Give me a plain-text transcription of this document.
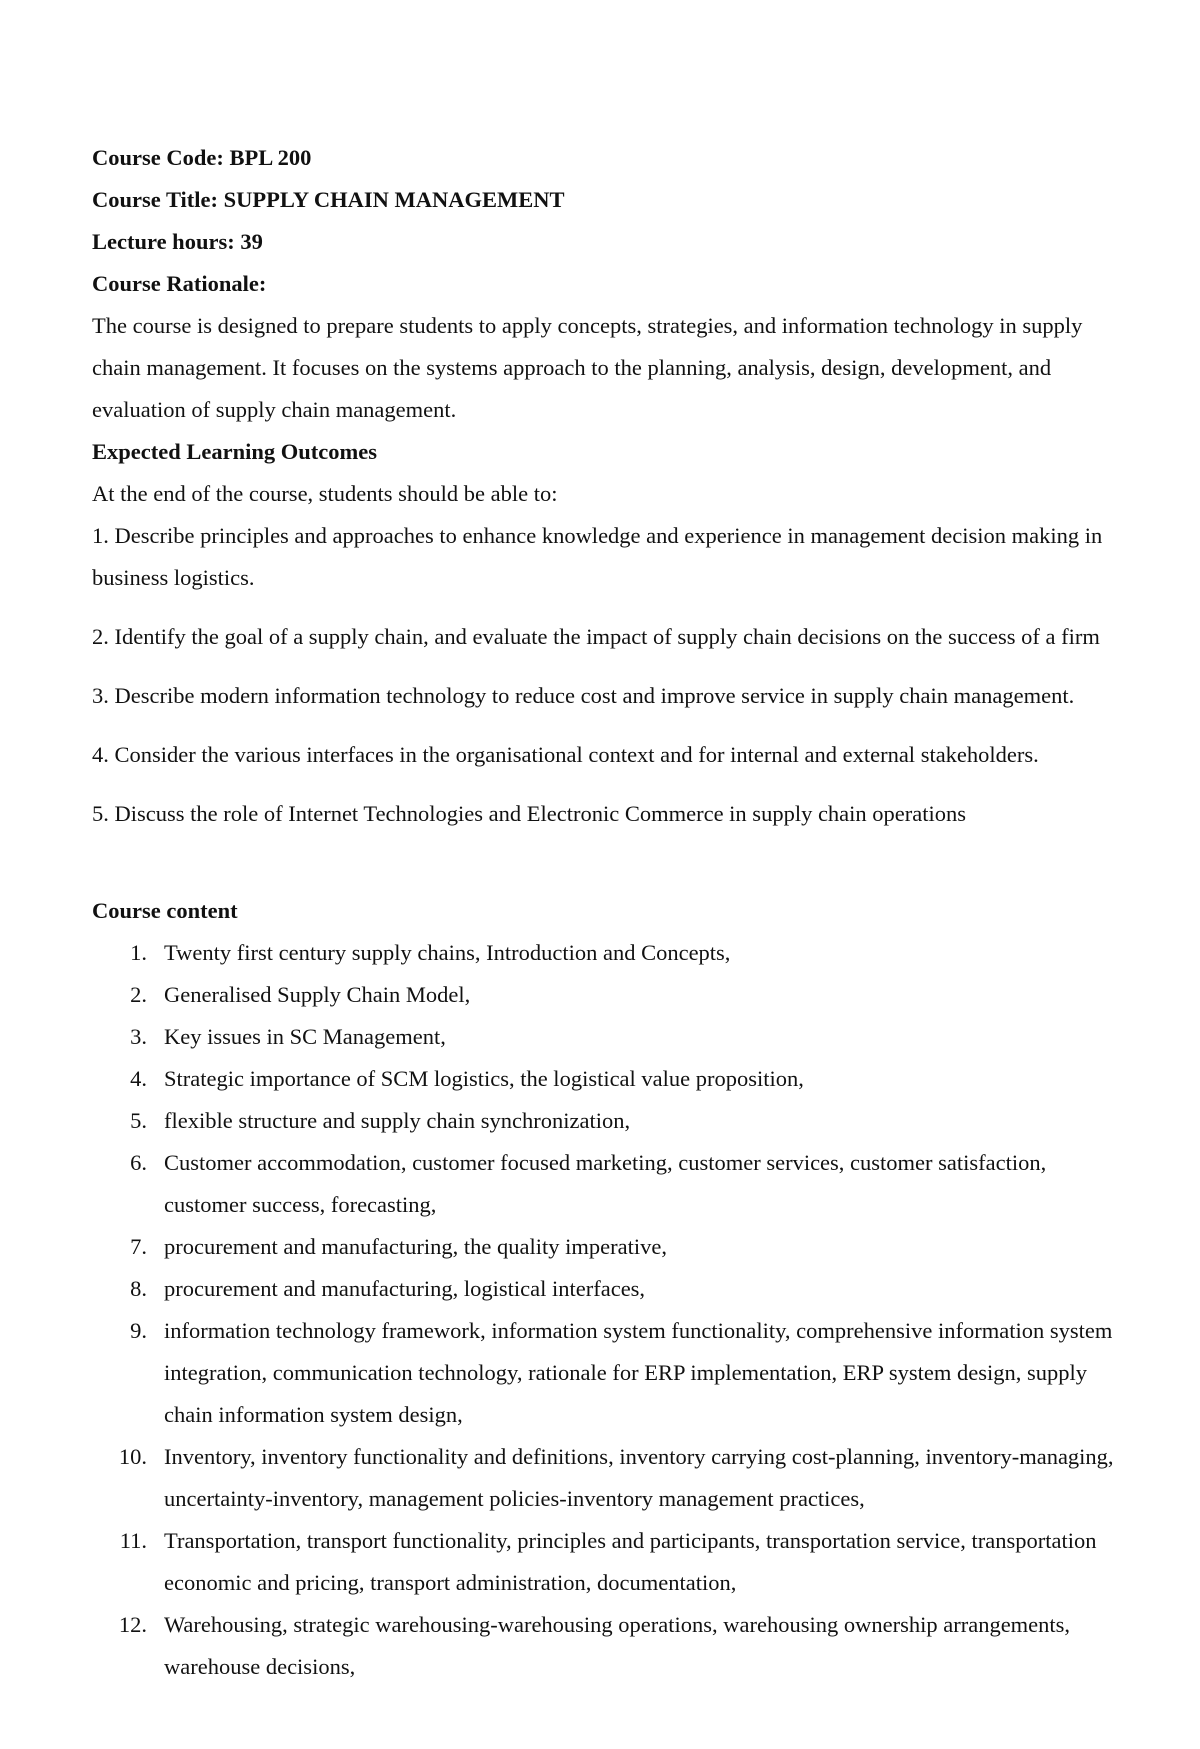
Course Code: BPL 200

Course Title: SUPPLY CHAIN MANAGEMENT

Lecture hours: 39

Course Rationale:

The course is designed to prepare students to apply concepts, strategies, and information technology in supply chain management. It focuses on the systems approach to the planning, analysis, design, development, and evaluation of supply chain management.

Expected Learning Outcomes

At the end of the course, students should be able to:

1. Describe principles and approaches to enhance knowledge and experience in management decision making in business logistics.

2. Identify the goal of a supply chain, and evaluate the impact of supply chain decisions on the success of a firm

3. Describe modern information technology to reduce cost and improve service in supply chain management.

4. Consider the various interfaces in the organisational context and for internal and external stakeholders.

5. Discuss the role of Internet Technologies and Electronic Commerce in supply chain operations

Course content

1. Twenty first century supply chains, Introduction and Concepts,
2. Generalised Supply Chain Model,
3. Key issues in SC Management,
4. Strategic importance of SCM logistics, the logistical value proposition,
5. flexible structure and supply chain synchronization,
6. Customer accommodation, customer focused marketing, customer services, customer satisfaction, customer success, forecasting,
7. procurement and manufacturing, the quality imperative,
8. procurement and manufacturing, logistical interfaces,
9. information technology framework, information system functionality, comprehensive information system integration, communication technology, rationale for ERP implementation, ERP system design, supply chain information system design,
10. Inventory, inventory functionality and definitions, inventory carrying cost-planning, inventory-managing, uncertainty-inventory, management policies-inventory management practices,
11. Transportation, transport functionality, principles and participants, transportation service, transportation economic and pricing, transport administration, documentation,
12. Warehousing, strategic warehousing-warehousing operations, warehousing ownership arrangements, warehouse decisions,
